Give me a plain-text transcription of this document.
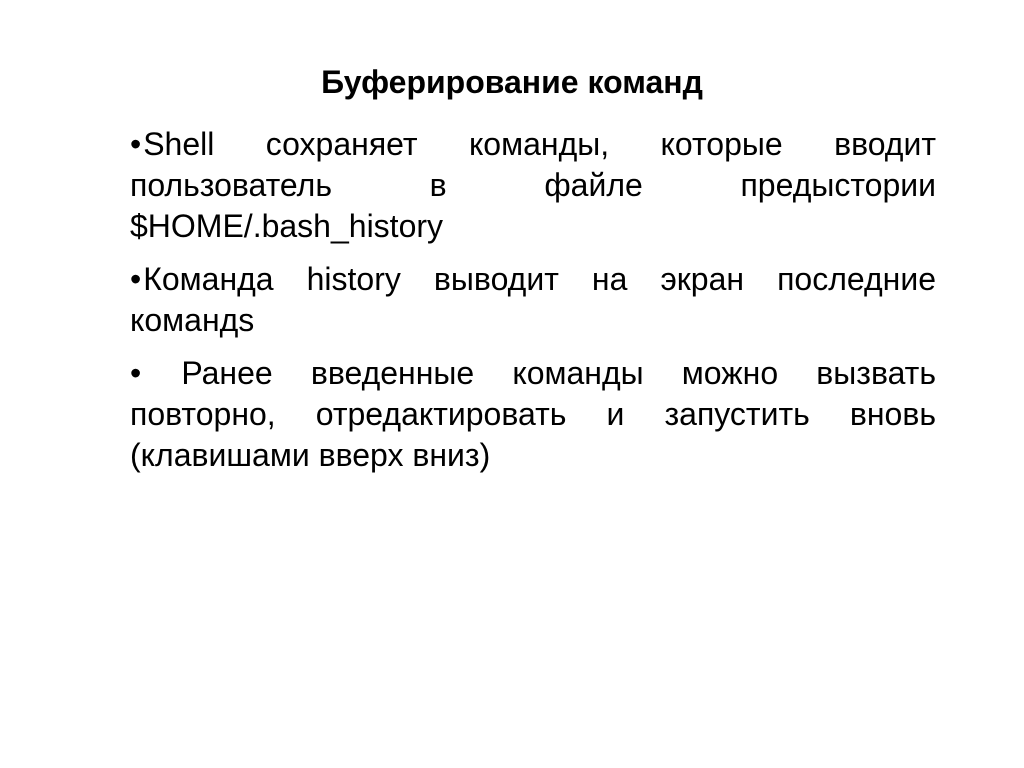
Буферирование команд
•Shell сохраняет команды, которые вводит пользователь в файле предыстории $HOME/.bash_history
•Команда history выводит на экран последние командs
• Ранее введенные команды можно вызвать повторно, отредактировать и запустить вновь (клавишами вверх вниз)
